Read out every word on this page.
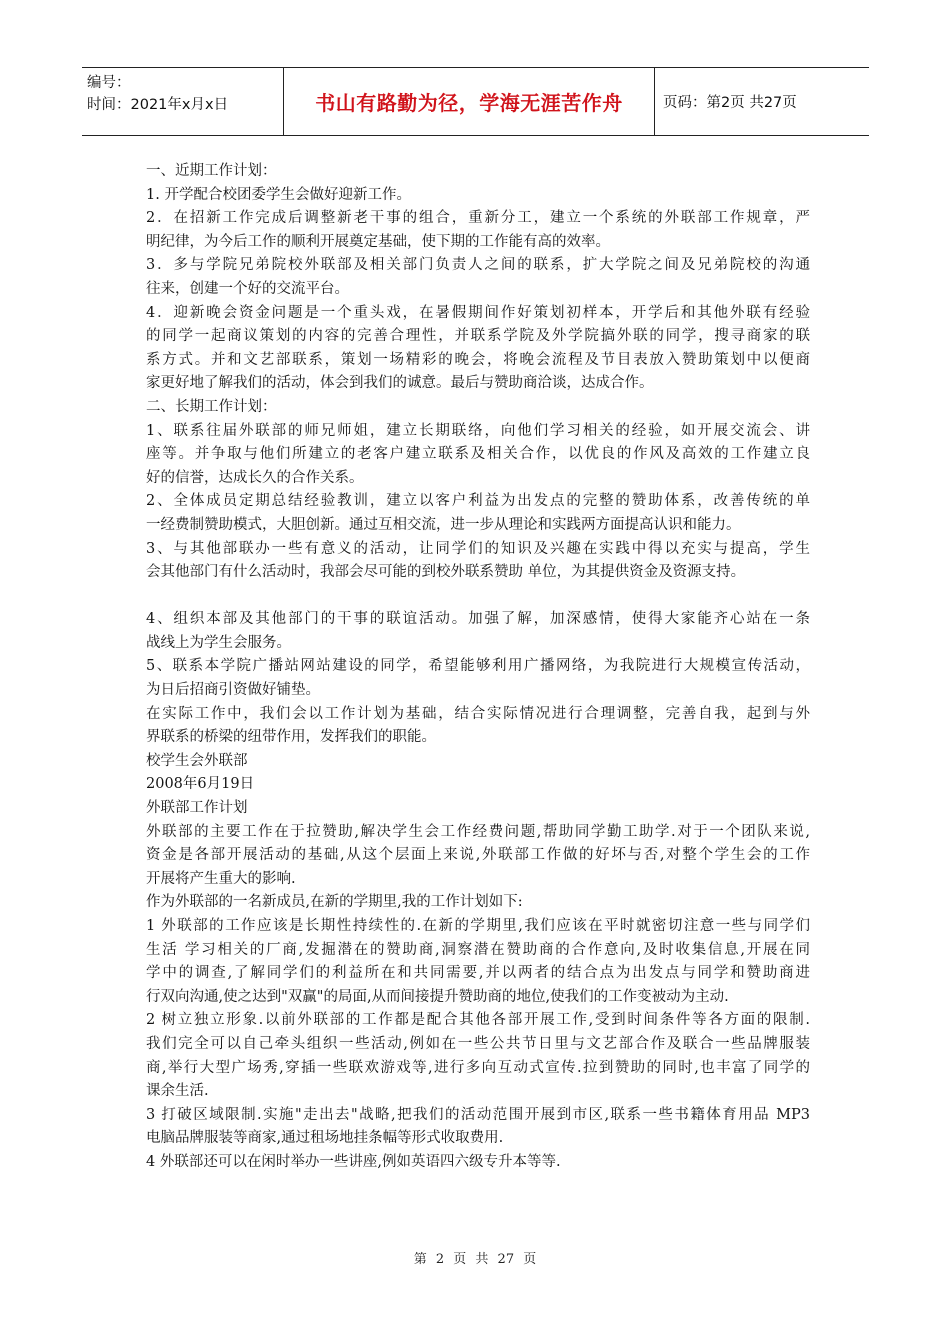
编号：
时间：2021年x月x日	书山有路勤为径，学海无涯苦作舟	页码：第2页 共27页
一、近期工作计划：
1. 开学配合校团委学生会做好迎新工作。
2．在招新工作完成后调整新老干事的组合，重新分工，建立一个系统的外联部工作规章，严
明纪律，为今后工作的顺利开展奠定基础，使下期的工作能有高的效率。
3．多与学院兄弟院校外联部及相关部门负责人之间的联系，扩大学院之间及兄弟院校的沟通
往来，创建一个好的交流平台。
4．迎新晚会资金问题是一个重头戏，在暑假期间作好策划初样本，开学后和其他外联有经验
的同学一起商议策划的内容的完善合理性，并联系学院及外学院搞外联的同学，搜寻商家的联
系方式。并和文艺部联系，策划一场精彩的晚会，将晚会流程及节目表放入赞助策划中以便商
家更好地了解我们的活动，体会到我们的诚意。最后与赞助商洽谈，达成合作。
二、长期工作计划：
1、联系往届外联部的师兄师姐，建立长期联络，向他们学习相关的经验，如开展交流会、讲
座等。并争取与他们所建立的老客户建立联系及相关合作，以优良的作风及高效的工作建立良
好的信誉，达成长久的合作关系。
2、全体成员定期总结经验教训，建立以客户利益为出发点的完整的赞助体系，改善传统的单
一经费制赞助模式，大胆创新。通过互相交流，进一步从理论和实践两方面提高认识和能力。
3、与其他部联办一些有意义的活动，让同学们的知识及兴趣在实践中得以充实与提高，学生
会其他部门有什么活动时，我部会尽可能的到校外联系赞助 单位，为其提供资金及资源支持。
4、组织本部及其他部门的干事的联谊活动。加强了解，加深感情，使得大家能齐心站在一条
战线上为学生会服务。
5、联系本学院广播站网站建设的同学，希望能够利用广播网络，为我院进行大规模宣传活动，
为日后招商引资做好铺垫。
在实际工作中，我们会以工作计划为基础，结合实际情况进行合理调整，完善自我，起到与外
界联系的桥梁的纽带作用，发挥我们的职能。
校学生会外联部
2008年6月19日
外联部工作计划
外联部的主要工作在于拉赞助,解决学生会工作经费问题,帮助同学勤工助学.对于一个团队来说,
资金是各部开展活动的基础,从这个层面上来说,外联部工作做的好坏与否,对整个学生会的工作
开展将产生重大的影响.
作为外联部的一名新成员,在新的学期里,我的工作计划如下:
1 外联部的工作应该是长期性持续性的.在新的学期里,我们应该在平时就密切注意一些与同学们
生活 学习相关的厂商,发掘潜在的赞助商,洞察潜在赞助商的合作意向,及时收集信息,开展在同
学中的调查,了解同学们的利益所在和共同需要,并以两者的结合点为出发点与同学和赞助商进
行双向沟通,使之达到"双赢"的局面,从而间接提升赞助商的地位,使我们的工作变被动为主动.
2 树立独立形象.以前外联部的工作都是配合其他各部开展工作,受到时间条件等各方面的限制.
我们完全可以自己牵头组织一些活动,例如在一些公共节日里与文艺部合作及联合一些品牌服装
商,举行大型广场秀,穿插一些联欢游戏等,进行多向互动式宣传.拉到赞助的同时,也丰富了同学的
课余生活.
3 打破区域限制.实施"走出去"战略,把我们的活动范围开展到市区,联系一些书籍体育用品 MP3
电脑品牌服装等商家,通过租场地挂条幅等形式收取费用.
4 外联部还可以在闲时举办一些讲座,例如英语四六级专升本等等.
第 2 页 共 27 页
